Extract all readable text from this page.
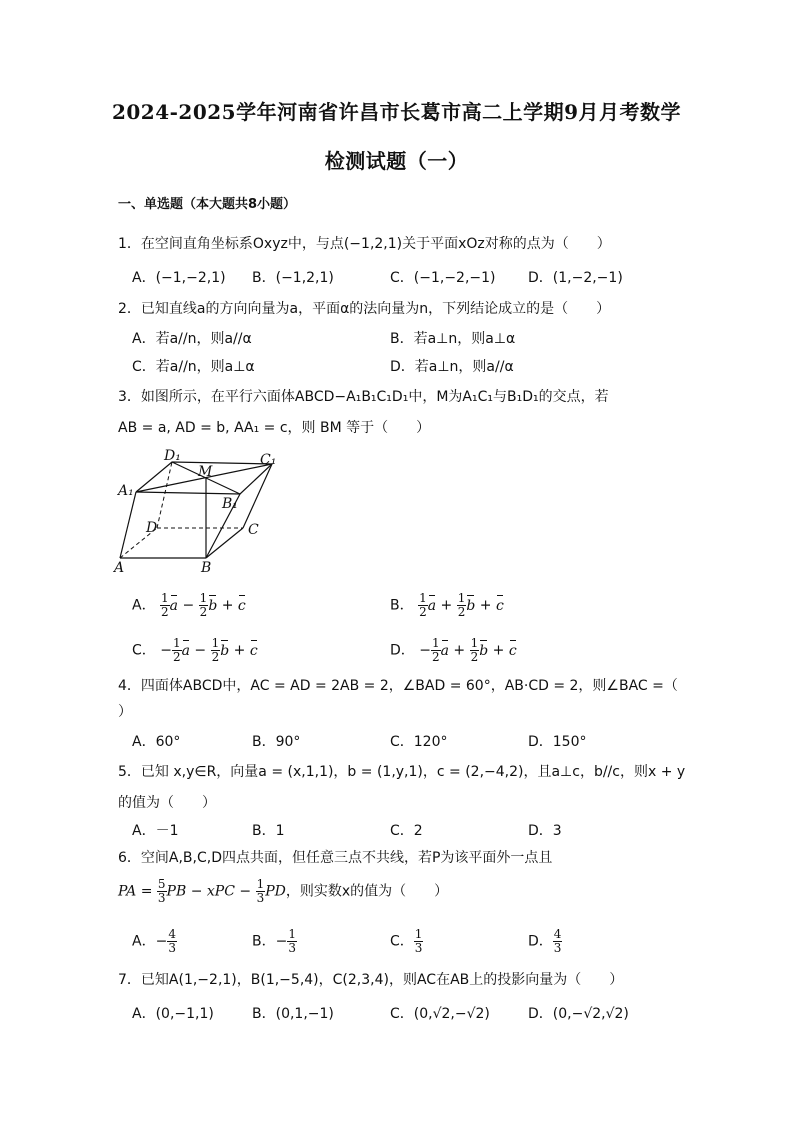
2024-2025学年河南省许昌市长葛市高二上学期9月月考数学
检测试题（一）
一、单选题（本大题共8小题）
1．在空间直角坐标系Oxyz中，与点(−1,2,1)关于平面xOz对称的点为（　　）
A．(−1,−2,1) B．(−1,2,1)	C．(−1,−2,−1) D．(1,−2,−1)
2．已知直线a的方向向量为a，平面α的法向量为n，下列结论成立的是（　　）
A．若a//n，则a//α	B．若a⊥n，则a⊥α
C．若a//n，则a⊥α	D．若a⊥n，则a//α
3．如图所示，在平行六面体ABCD−A₁B₁C₁D₁中，M为A₁C₁与B₁D₁的交点，若
AB = a, AD = b, AA₁ = c，则 BM 等于（　　）
D₁
M
C₁
A₁
B₁
D	C
A	B
A． $\frac{1}{2}$ $a - \frac{1}{2}$ b + c	B． $\frac{1}{2}$ $a + \frac{1}{2}$ b + c
C． − $\frac{1}{2}$ $a - \frac{1}{2}$ b + c	D． − $\frac{1}{2}$ $a + \frac{1}{2}$ b + c
4．四面体ABCD中，AC = AD = 2AB = 2，∠BAD = 60°，AB·CD = 2，则∠BAC =（
）
A．60°	B．90°	C．120°	D．150°
5．已知 x,y∈R，向量a = (x,1,1)，b = (1,y,1)，c = (2,−4,2)，且a⊥c，b//c，则x + y
的值为（　　）
A．－1	B．1	C．2	D．3
6．空间A,B,C,D四点共面，但任意三点不共线，若P为该平面外一点且
PA = $\frac{5}{3}$ PB − xPC − $\frac{1}{3}$ PD，则实数x的值为（　　）
A．− $\frac{4}{3}$	B．− $\frac{1}{3}$	C． $\frac{1}{3}$	D． $\frac{4}{3}$
7．已知A(1,−2,1)，B(1,−5,4)，C(2,3,4)，则AC在AB上的投影向量为（　　）
A．(0,−1,1)	B．(0,1,−1)	C．(0,√2,−√2)	D．(0,−√2,√2)
